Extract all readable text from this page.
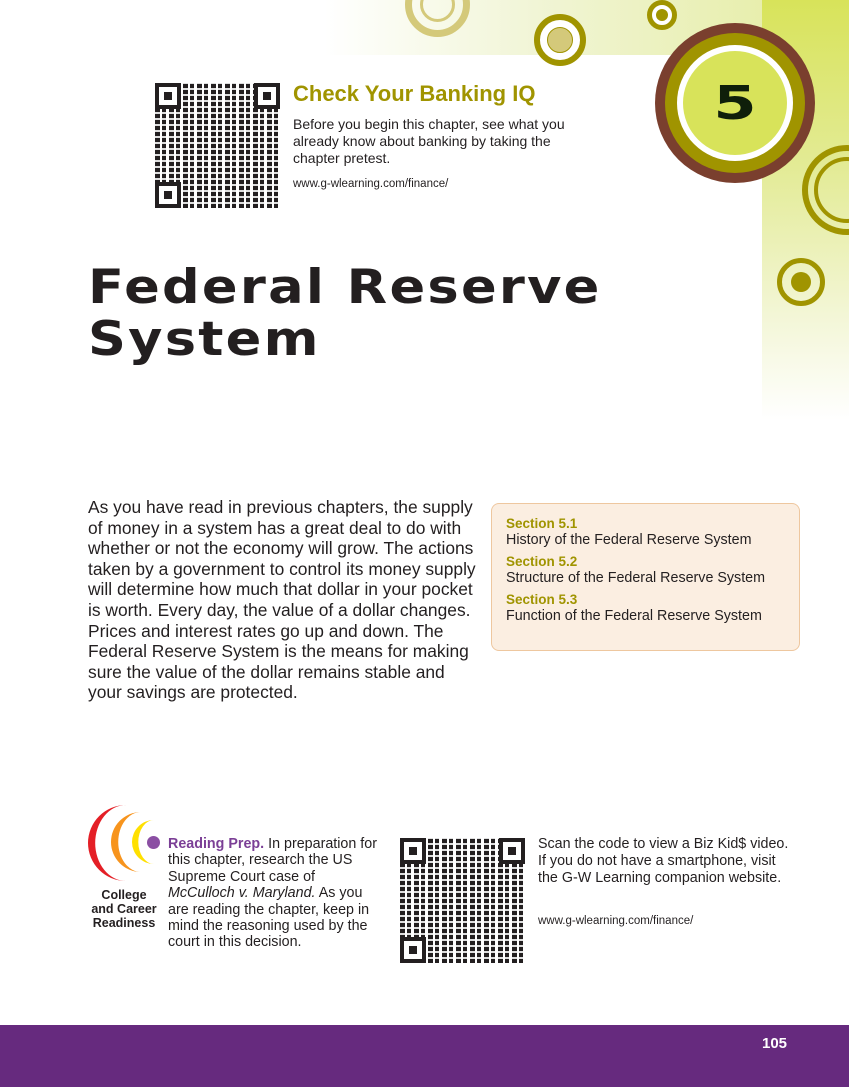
5
Check Your Banking IQ
Before you begin this chapter, see what you already know about banking by taking the chapter pretest.
www.g-wlearning.com/finance/
Federal Reserve
System
As you have read in previous chapters, the supply of money in a system has a great deal to do with whether or not the economy will grow. The actions taken by a government to control its money supply will determine how much that dollar in your pocket is worth. Every day, the value of a dollar changes. Prices and interest rates go up and down. The Federal Reserve System is the means for making sure the value of the dollar remains stable and your savings are protected.
Section 5.1
History of the Federal Reserve System
Section 5.2
Structure of the Federal Reserve System
Section 5.3
Function of the Federal Reserve System
College
and Career
Readiness
Reading Prep. In preparation for this chapter, research the US Supreme Court case of McCulloch v. Maryland. As you are reading the chapter, keep in mind the reasoning used by the court in this decision.
Scan the code to view a Biz Kid$ video. If you do not have a smartphone, visit the G-W Learning companion website.
www.g-wlearning.com/finance/
105
